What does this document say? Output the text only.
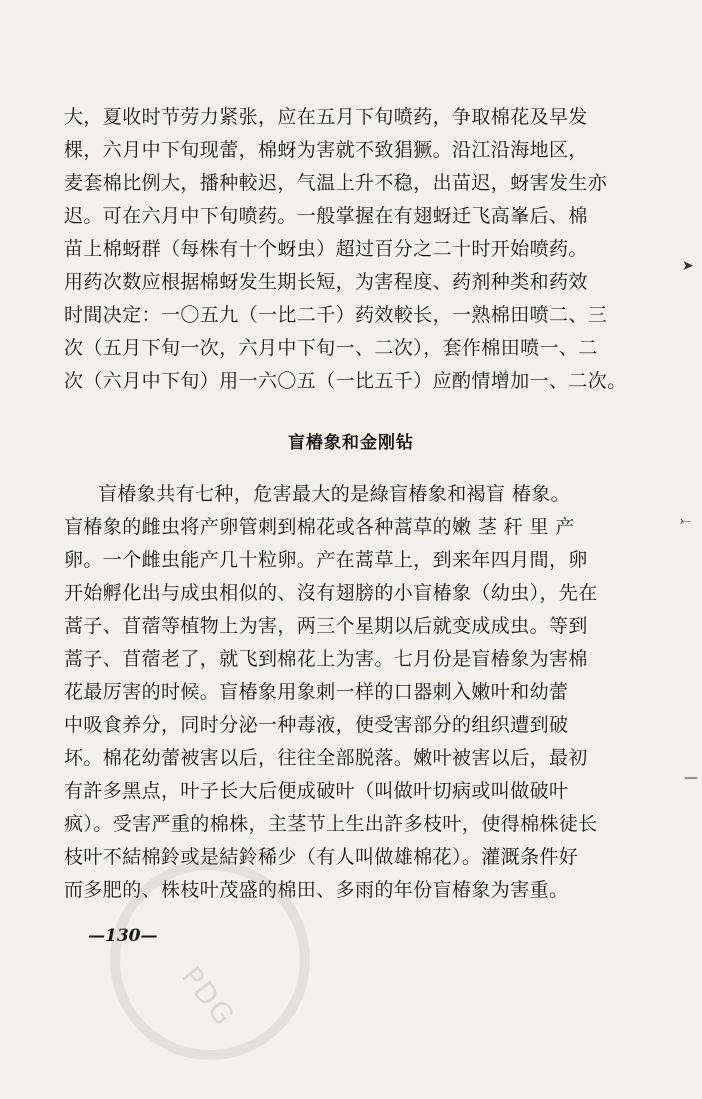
大，夏收时节劳力紧张，应在五月下旬喷药，争取棉花及早发
棵，六月中下旬现蕾，棉蚜为害就不致猖獗。沿江沿海地区，
麦套棉比例大，播种較迟，气温上升不稳，出苗迟，蚜害发生亦
迟。可在六月中下旬喷药。一般掌握在有翅蚜迁飞高峯后、棉
苗上棉蚜群（每株有十个蚜虫）超过百分之二十时开始喷药。
用药次数应根据棉蚜发生期长短，为害程度、药剂种类和药效
时間决定：一〇五九（一比二千）药效較长，一熟棉田喷二、三
次（五月下旬一次，六月中下旬一、二次），套作棉田喷一、二
次（六月中下旬）用一六〇五（一比五千）应酌情增加一、二次。
盲椿象和金刚钻
盲椿象共有七种，危害最大的是綠盲椿象和褐盲 椿象。
盲椿象的雌虫将产卵管刺到棉花或各种蒿草的嫩 茎 秆 里 产
卵。一个雌虫能产几十粒卵。产在蒿草上，到来年四月間，卵
开始孵化出与成虫相似的、沒有翅膀的小盲椿象（幼虫），先在
蒿子、苜蓿等植物上为害，两三个星期以后就变成成虫。等到
蒿子、苜蓿老了，就飞到棉花上为害。七月份是盲椿象为害棉
花最厉害的时候。盲椿象用象刺一样的口器刺入嫩叶和幼蕾
中吸食养分，同时分泌一种毒液，使受害部分的组织遭到破
坏。棉花幼蕾被害以后，往往全部脱落。嫩叶被害以后，最初
有許多黑点，叶子长大后便成破叶（叫做叶切病或叫做破叶
疯）。受害严重的棉株，主茎节上生出許多枝叶，使得棉株徒长
枝叶不結棉鈴或是結鈴稀少（有人叫做雄棉花）。灌溉条件好
而多肥的、株枝叶茂盛的棉田、多雨的年份盲椿象为害重。
—130—
PDG
➤
⤚
—
